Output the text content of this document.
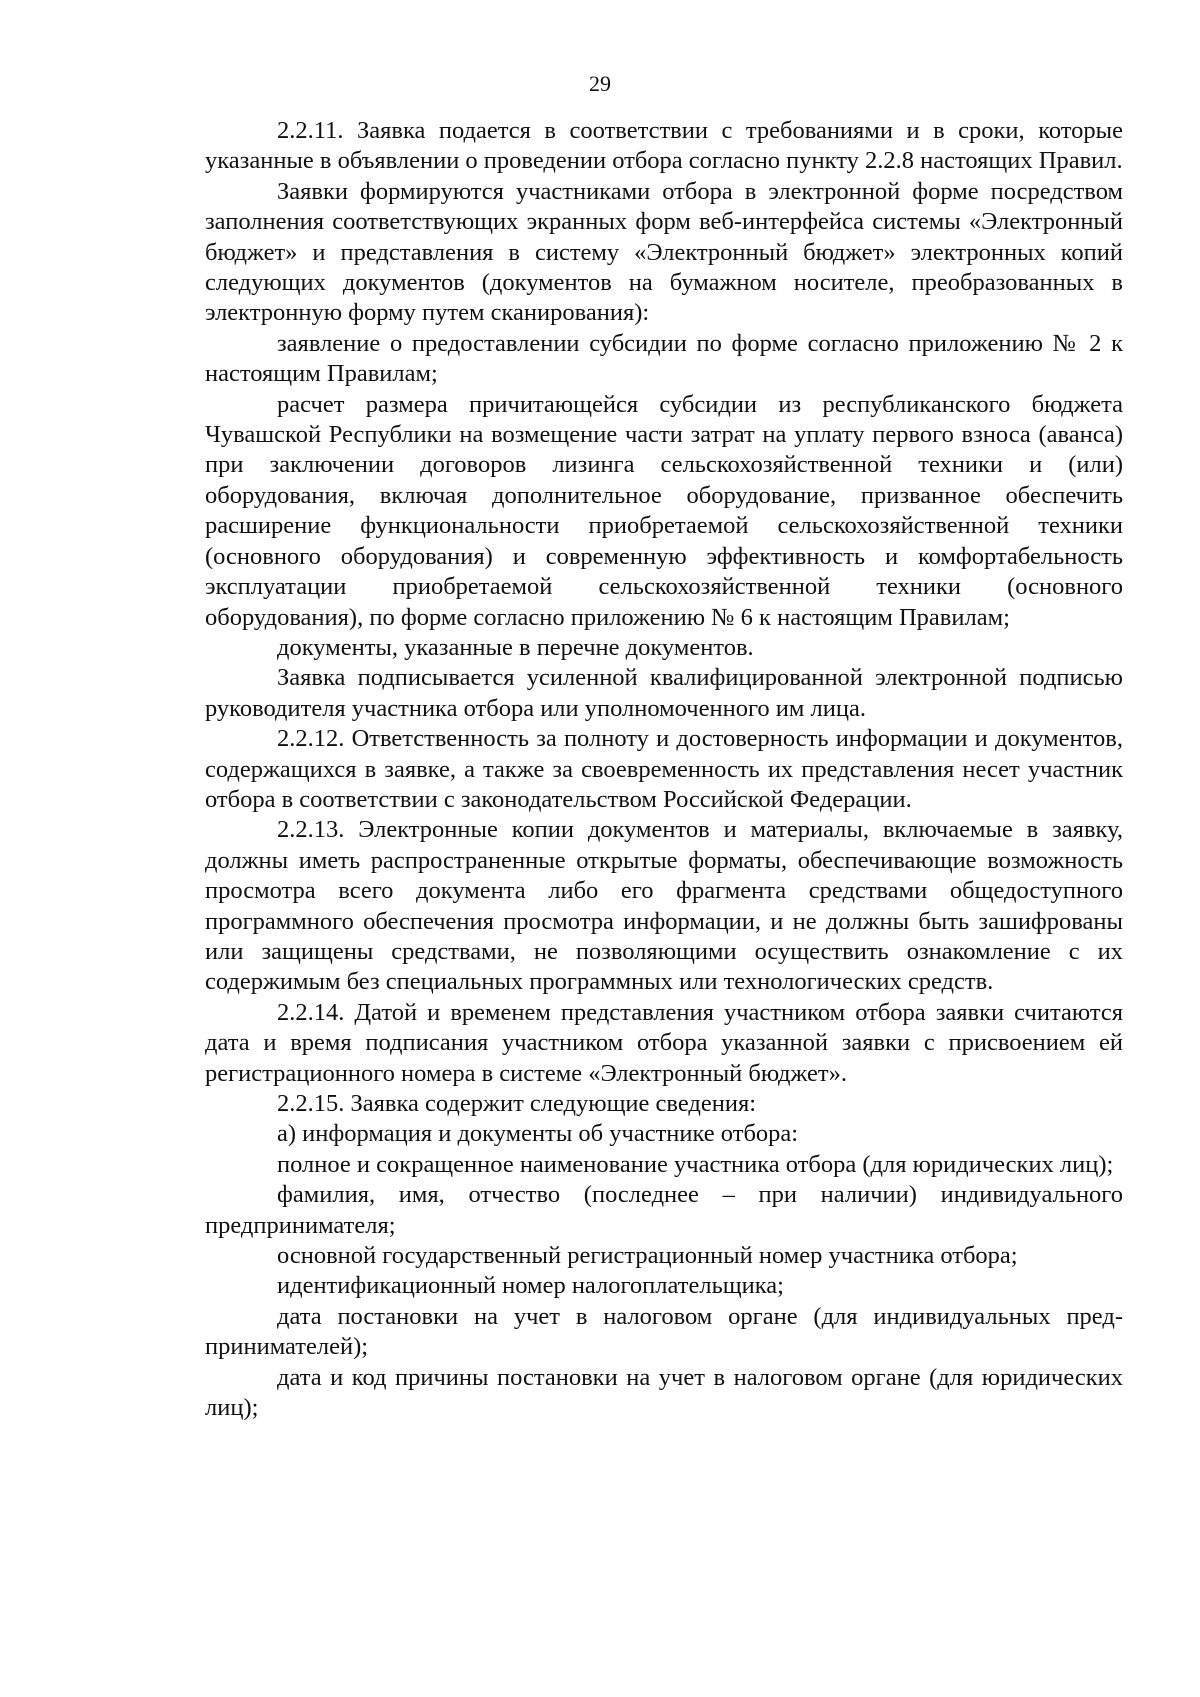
29

2.2.11. Заявка подается в соответствии с требованиями и в сроки, которые указанные в объявлении о проведении отбора согласно пункту 2.2.8 настоящих Правил.

Заявки формируются участниками отбора в электронной форме посредством заполнения соответствующих экранных форм веб-интерфейса системы «Электронный бюджет» и представления в систему «Электронный бюджет» электронных копий следующих документов (документов на бумажном носителе, преобразованных в электронную форму путем сканирования):

заявление о предоставлении субсидии по форме согласно приложению № 2 к настоящим Правилам;

расчет размера причитающейся субсидии из республиканского бюджета Чувашской Республики на возмещение части затрат на уплату первого взноса (аванса) при заключении договоров лизинга сельскохозяйственной техники и (или) оборудования, включая дополнительное оборудование, призванное обеспечить расширение функциональности приобретаемой сельскохозяйственной техники (основного оборудования) и современную эффективность и комфортабельность эксплуатации приобретаемой сельскохозяйственной техники (основного оборудования), по форме согласно приложению № 6 к настоящим Правилам;

документы, указанные в перечне документов.

Заявка подписывается усиленной квалифицированной электронной подписью руководителя участника отбора или уполномоченного им лица.

2.2.12. Ответственность за полноту и достоверность информации и документов, содержащихся в заявке, а также за своевременность их представления несет участник отбора в соответствии с законодательством Российской Федерации.

2.2.13. Электронные копии документов и материалы, включаемые в заявку, должны иметь распространенные открытые форматы, обеспечивающие возможность просмотра всего документа либо его фрагмента средствами общедоступного программного обеспечения просмотра информации, и не должны быть зашифрованы или защищены средствами, не позволяющими осуществить ознакомление с их содержимым без специальных программных или технологических средств.

2.2.14. Датой и временем представления участником отбора заявки считаются дата и время подписания участником отбора указанной заявки с присвоением ей регистрационного номера в системе «Электронный бюджет».

2.2.15. Заявка содержит следующие сведения:

а) информация и документы об участнике отбора:

полное и сокращенное наименование участника отбора (для юридических лиц);

фамилия, имя, отчество (последнее – при наличии) индивидуального предпринимателя;

основной государственный регистрационный номер участника отбора;

идентификационный номер налогоплательщика;

дата постановки на учет в налоговом органе (для индивидуальных предпринимателей);

дата и код причины постановки на учет в налоговом органе (для юридических лиц);
